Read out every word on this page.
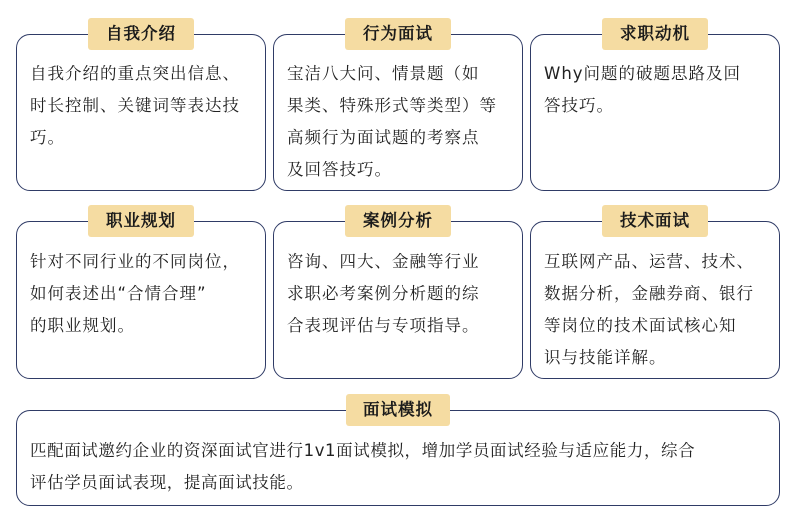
自我介绍
自我介绍的重点突出信息、
时长控制、关键词等表达技
巧。
行为面试
宝洁八大问、情景题（如
果类、特殊形式等类型）等
高频行为面试题的考察点
及回答技巧。
求职动机
Why问题的破题思路及回
答技巧。
职业规划
针对不同行业的不同岗位，
如何表述出“合情合理”
的职业规划。
案例分析
咨询、四大、金融等行业
求职必考案例分析题的综
合表现评估与专项指导。
技术面试
互联网产品、运营、技术、
数据分析，金融券商、银行
等岗位的技术面试核心知
识与技能详解。
面试模拟
匹配面试邀约企业的资深面试官进行1v1面试模拟，增加学员面试经验与适应能力，综合
评估学员面试表现，提高面试技能。
